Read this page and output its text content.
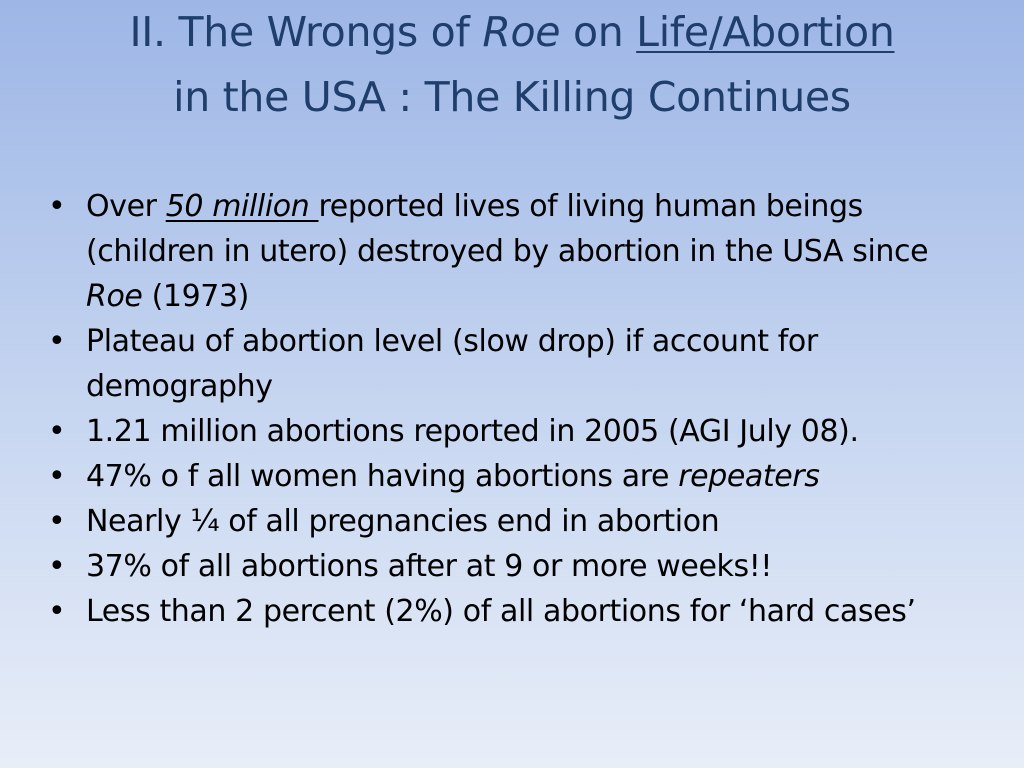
II. The Wrongs of Roe on Life/Abortion
in the USA : The Killing Continues
• Over 50 million reported lives of living human beings (children in utero) destroyed by abortion in the USA since Roe (1973)
• Plateau of abortion level (slow drop) if account for demography
• 1.21 million abortions reported in 2005 (AGI July 08).
• 47% o f all women having abortions are repeaters
• Nearly ¼ of all pregnancies end in abortion
• 37% of all abortions after at 9 or more weeks!!
• Less than 2 percent (2%) of all abortions for ‘hard cases’
